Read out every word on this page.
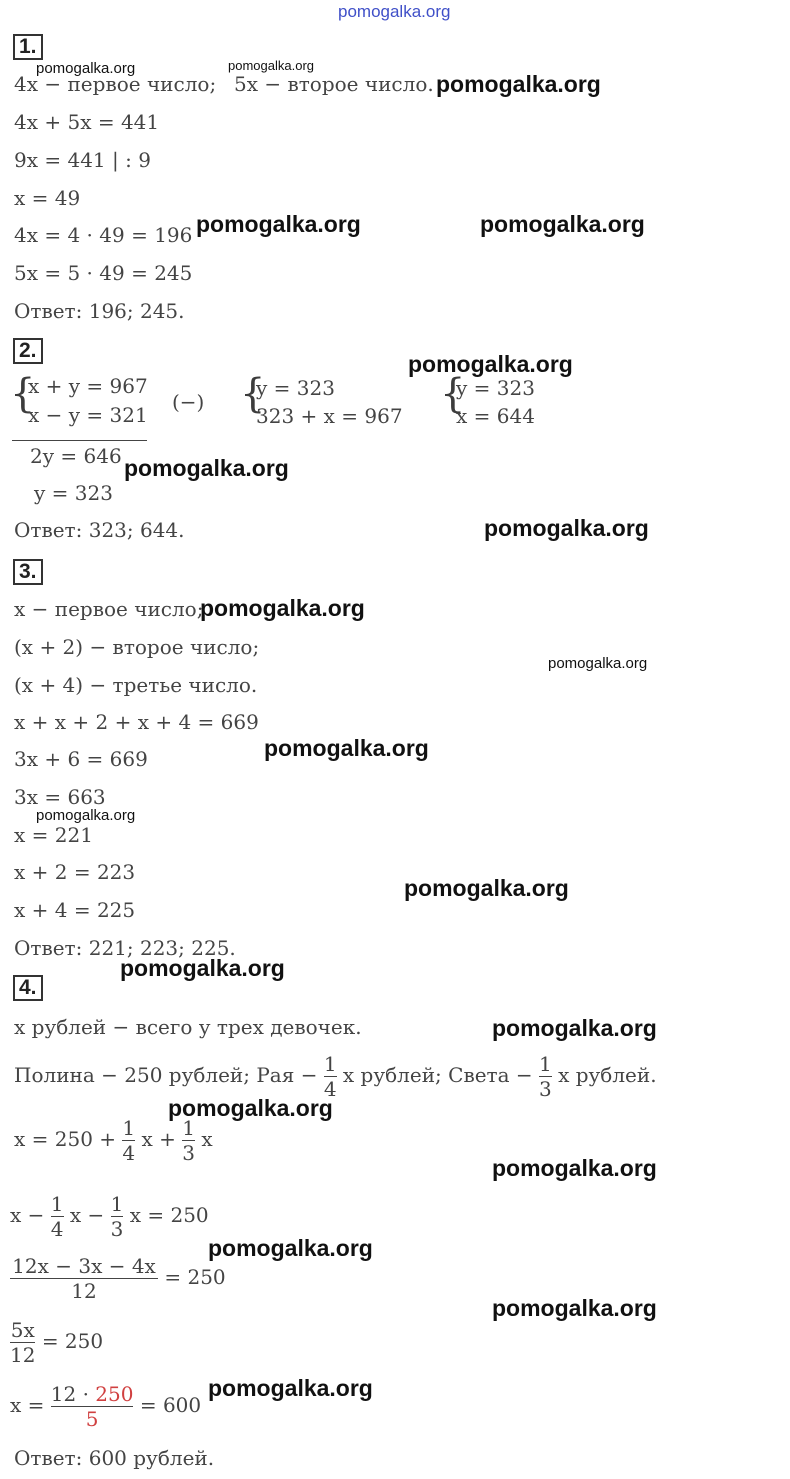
pomogalka.org
1.
4x − первое число; 5x − второе число.
4x + 5x = 441
9x = 441 | : 9
x = 49
4x = 4 · 49 = 196
5x = 5 · 49 = 245
Ответ: 196; 245.
2.
{
x + y = 967
x − y = 321
(−) {
y = 323
323 + x = 967 {
y = 323
x = 644
2y = 646
y = 323
Ответ: 323; 644.
3.
x − первое число;
(x + 2) − второе число;
(x + 4) − третье число.
x + x + 2 + x + 4 = 669
3x + 6 = 669
3x = 663
x = 221
x + 2 = 223
x + 4 = 225
Ответ: 221; 223; 225.
4.
x рублей − всего у трех девочек.
Полина − 250 рублей; Рая − $\frac{1}{4}$ x рублей; Света − $\frac{1}{3}$ x рублей.
$x = 250 + \frac{1}{4}$ $x + \frac{1}{3}$ x
$x - \frac{1}{4}$ $x - \frac{1}{3}$ x = 250
$\frac{12x - 3x - 4x}{12} = 250$
$\frac{5x}{12} = 250$
$x = \frac{12 \cdot 250}{5} = 600$
Ответ: 600 рублей.
pomogalka.org	pomogalka.org
pomogalka.org
pomogalka.org	pomogalka.org
pomogalka.org
pomogalka.org
pomogalka.org
pomogalka.org
pomogalka.org
pomogalka.org
pomogalka.org
pomogalka.org
pomogalka.org
pomogalka.org
pomogalka.org
pomogalka.org
pomogalka.org
pomogalka.org
pomogalka.org
